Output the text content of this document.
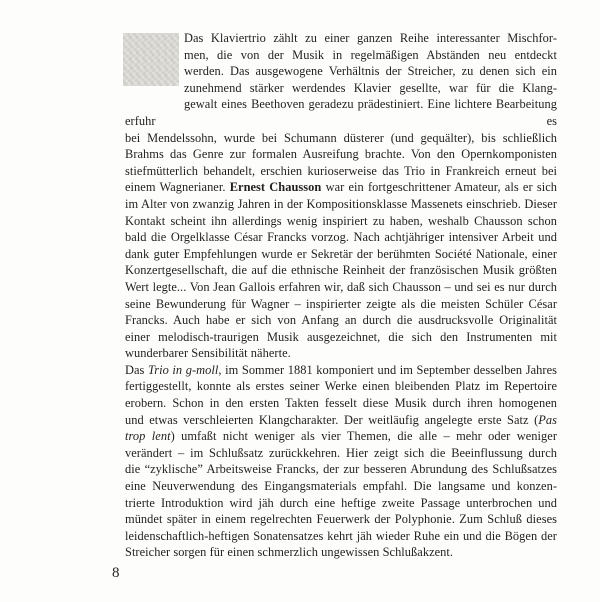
Das Klaviertrio zählt zu einer ganzen Reihe interessanter Mischfor-
men, die von der Musik in regelmäßigen Abständen neu entdeckt
werden. Das ausgewogene Verhältnis der Streicher, zu denen sich ein
zunehmend stärker werdendes Klavier gesellte, war für die Klang-
gewalt eines Beethoven geradezu prädestiniert. Eine lichtere Bearbeitung erfuhr es
bei Mendelssohn, wurde bei Schumann düsterer (und gequälter), bis schließlich
Brahms das Genre zur formalen Ausreifung brachte. Von den Opernkomponisten
stiefmütterlich behandelt, erschien kurioserweise das Trio in Frankreich erneut bei
einem Wagnerianer. Ernest Chausson war ein fortgeschrittener Amateur, als er sich
im Alter von zwanzig Jahren in der Kompositionsklasse Massenets einschrieb. Dieser
Kontakt scheint ihn allerdings wenig inspiriert zu haben, weshalb Chausson schon
bald die Orgelklasse César Francks vorzog. Nach achtjähriger intensiver Arbeit und
dank guter Empfehlungen wurde er Sekretär der berühmten Société Nationale, einer
Konzertgesellschaft, die auf die ethnische Reinheit der französischen Musik größten
Wert legte... Von Jean Gallois erfahren wir, daß sich Chausson – und sei es nur durch
seine Bewunderung für Wagner – inspirierter zeigte als die meisten Schüler César
Francks. Auch habe er sich von Anfang an durch die ausdrucksvolle Originalität
einer melodisch-traurigen Musik ausgezeichnet, die sich den Instrumenten mit
wunderbarer Sensibilität näherte.
Das Trio in g-moll, im Sommer 1881 komponiert und im September desselben Jahres
fertiggestellt, konnte als erstes seiner Werke einen bleibenden Platz im Repertoire
erobern. Schon in den ersten Takten fesselt diese Musik durch ihren homogenen
und etwas verschleierten Klangcharakter. Der weitläufig angelegte erste Satz (Pas
trop lent) umfaßt nicht weniger als vier Themen, die alle – mehr oder weniger
verändert – im Schlußsatz zurückkehren. Hier zeigt sich die Beeinflussung durch
die “zyklische” Arbeitsweise Francks, der zur besseren Abrundung des Schlußsatzes
eine Neuverwendung des Eingangsmaterials empfahl. Die langsame und konzen-
trierte Introduktion wird jäh durch eine heftige zweite Passage unterbrochen und
mündet später in einem regelrechten Feuerwerk der Polyphonie. Zum Schluß dieses
leidenschaftlich-heftigen Sonatensatzes kehrt jäh wieder Ruhe ein und die Bögen der
Streicher sorgen für einen schmerzlich ungewissen Schlußakzent.
8
